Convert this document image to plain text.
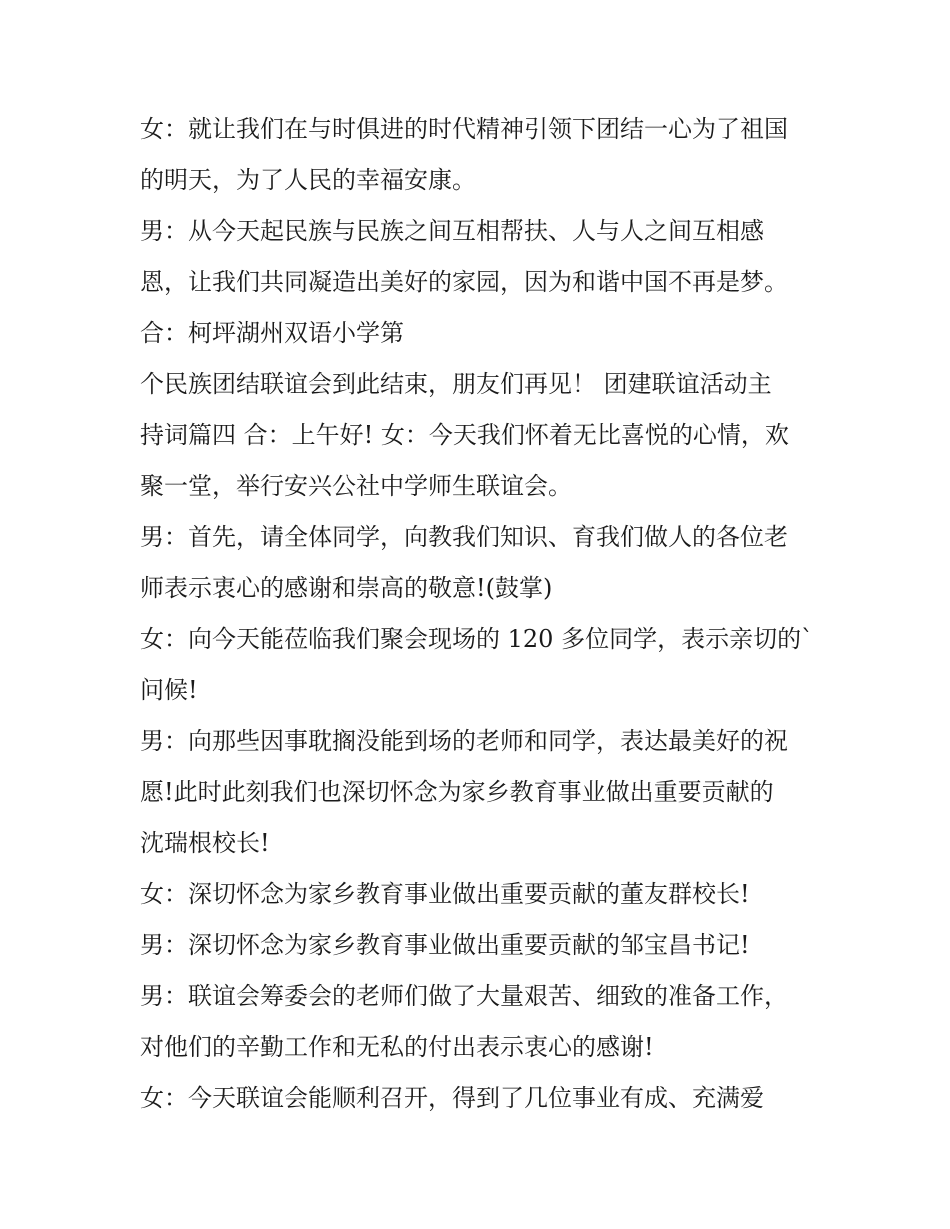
女：就让我们在与时俱进的时代精神引领下团结一心为了祖国
的明天，为了人民的幸福安康。
男：从今天起民族与民族之间互相帮扶、人与人之间互相感
恩，让我们共同凝造出美好的家园，因为和谐中国不再是梦。
合：柯坪湖州双语小学第
个民族团结联谊会到此结束，朋友们再见！ 团建联谊活动主
持词篇四 合：上午好! 女：今天我们怀着无比喜悦的心情，欢
聚一堂，举行安兴公社中学师生联谊会。
男：首先，请全体同学，向教我们知识、育我们做人的各位老
师表示衷心的感谢和崇高的敬意!(鼓掌)
女：向今天能莅临我们聚会现场的 120 多位同学，表示亲切的`
问候!
男：向那些因事耽搁没能到场的老师和同学，表达最美好的祝
愿!此时此刻我们也深切怀念为家乡教育事业做出重要贡献的
沈瑞根校长!
女：深切怀念为家乡教育事业做出重要贡献的董友群校长!
男：深切怀念为家乡教育事业做出重要贡献的邹宝昌书记!
男：联谊会筹委会的老师们做了大量艰苦、细致的准备工作，
对他们的辛勤工作和无私的付出表示衷心的感谢!
女：今天联谊会能顺利召开，得到了几位事业有成、充满爱
